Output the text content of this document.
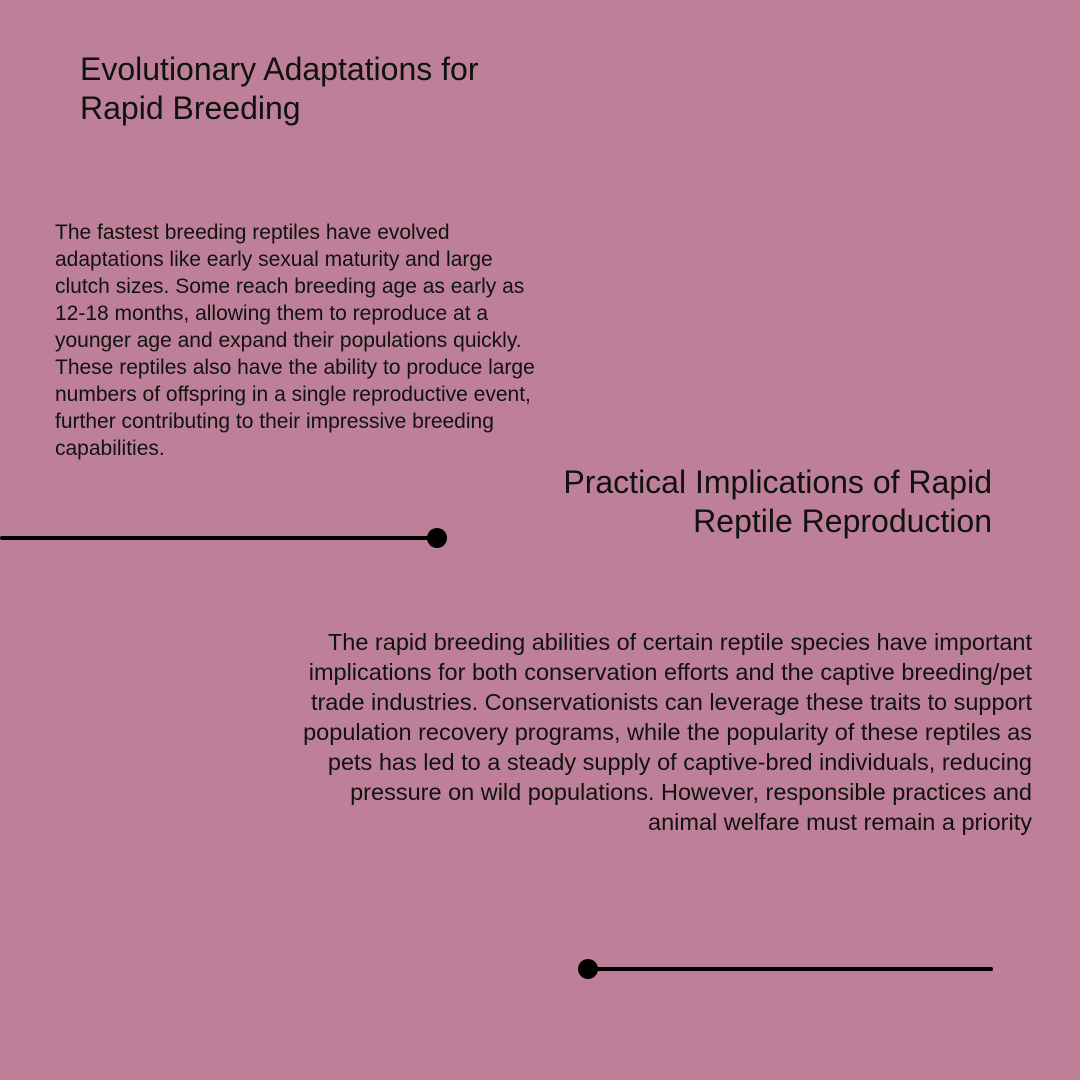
Evolutionary Adaptations for Rapid Breeding

The fastest breeding reptiles have evolved adaptations like early sexual maturity and large clutch sizes. Some reach breeding age as early as 12-18 months, allowing them to reproduce at a younger age and expand their populations quickly. These reptiles also have the ability to produce large numbers of offspring in a single reproductive event, further contributing to their impressive breeding capabilities.

Practical Implications of Rapid Reptile Reproduction

The rapid breeding abilities of certain reptile species have important implications for both conservation efforts and the captive breeding/pet trade industries. Conservationists can leverage these traits to support population recovery programs, while the popularity of these reptiles as pets has led to a steady supply of captive-bred individuals, reducing pressure on wild populations. However, responsible practices and animal welfare must remain a priority
